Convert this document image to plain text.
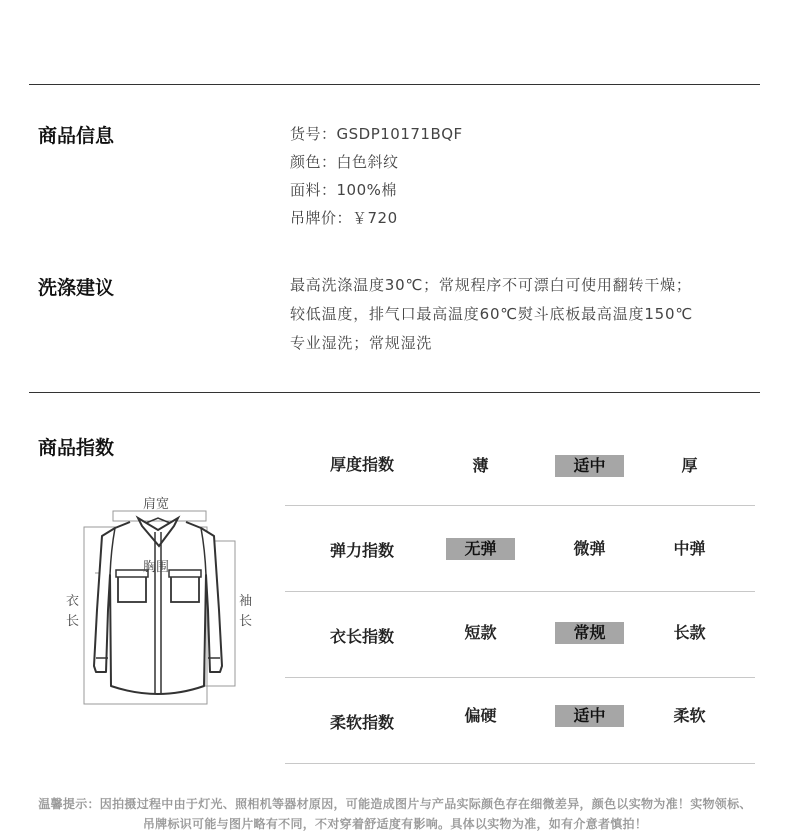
商品信息	货号：GSDP10171BQF
颜色：白色斜纹
面料：100%棉
吊牌价：￥720
洗涤建议	最高洗涤温度30℃；常规程序不可漂白可使用翻转干燥；
较低温度，排气口最高温度60℃熨斗底板最高温度150℃
专业湿洗；常规湿洗
商品指数
肩宽
胸围
衣
长
袖
长
厚度指数	薄	适中	厚
弹力指数	无弹	微弹	中弹
衣长指数	短款	常规	长款
柔软指数	偏硬	适中	柔软
温馨提示：因拍摄过程中由于灯光、照相机等器材原因，可能造成图片与产品实际颜色存在细微差异，颜色以实物为准！实物领标、
吊牌标识可能与图片略有不同，不对穿着舒适度有影响。具体以实物为准，如有介意者慎拍！
